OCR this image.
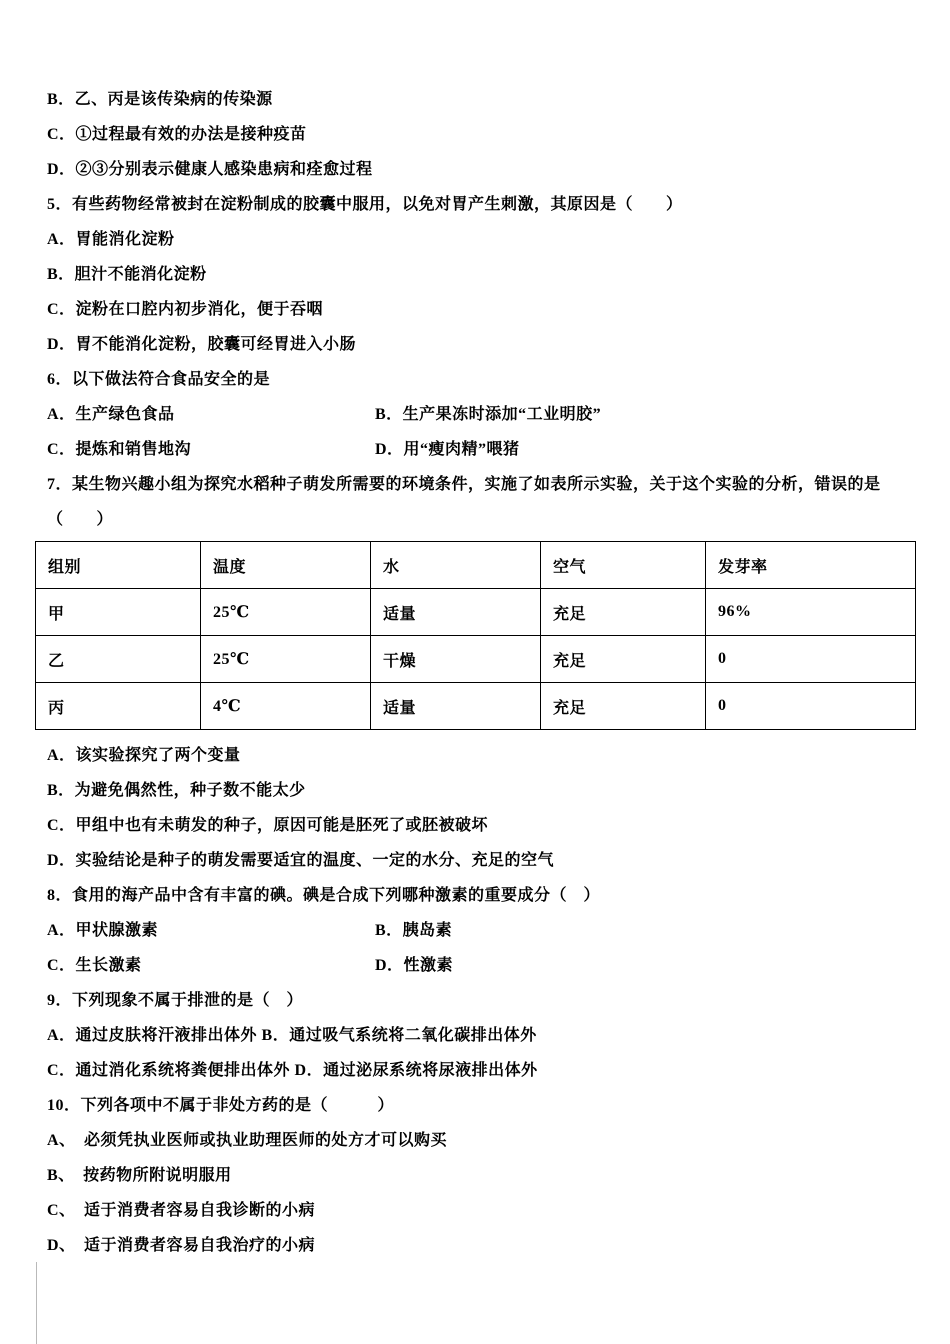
B．乙、丙是该传染病的传染源
C．①过程最有效的办法是接种疫苗
D．②③分别表示健康人感染患病和痊愈过程
5．有些药物经常被封在淀粉制成的胶囊中服用，以免对胃产生刺激，其原因是（　　）
A．胃能消化淀粉
B．胆汁不能消化淀粉
C．淀粉在口腔内初步消化，便于吞咽
D．胃不能消化淀粉，胶囊可经胃进入小肠
6．以下做法符合食品安全的是
A．生产绿色食品	B．生产果冻时添加“工业明胶”
C．提炼和销售地沟	D．用“瘦肉精”喂猪
7．某生物兴趣小组为探究水稻种子萌发所需要的环境条件，实施了如表所示实验，关于这个实验的分析，错误的是
（　　）
组别	温度	水	空气	发芽率
甲	25℃	适量	充足	96%
乙	25℃	干燥	充足	0
丙	4℃	适量	充足	0
A．该实验探究了两个变量
B．为避免偶然性，种子数不能太少
C．甲组中也有未萌发的种子，原因可能是胚死了或胚被破坏
D．实验结论是种子的萌发需要适宜的温度、一定的水分、充足的空气
8．食用的海产品中含有丰富的碘。碘是合成下列哪种激素的重要成分（　）
A．甲状腺激素	B．胰岛素
C．生长激素	D．性激素
9．下列现象不属于排泄的是（　）
A．通过皮肤将汗液排出体外 B．通过吸气系统将二氧化碳排出体外
C．通过消化系统将粪便排出体外 D．通过泌尿系统将尿液排出体外
10．下列各项中不属于非处方药的是（　　　）
A、　必须凭执业医师或执业助理医师的处方才可以购买
B、　按药物所附说明服用
C、　适于消费者容易自我诊断的小病
D、　适于消费者容易自我治疗的小病
